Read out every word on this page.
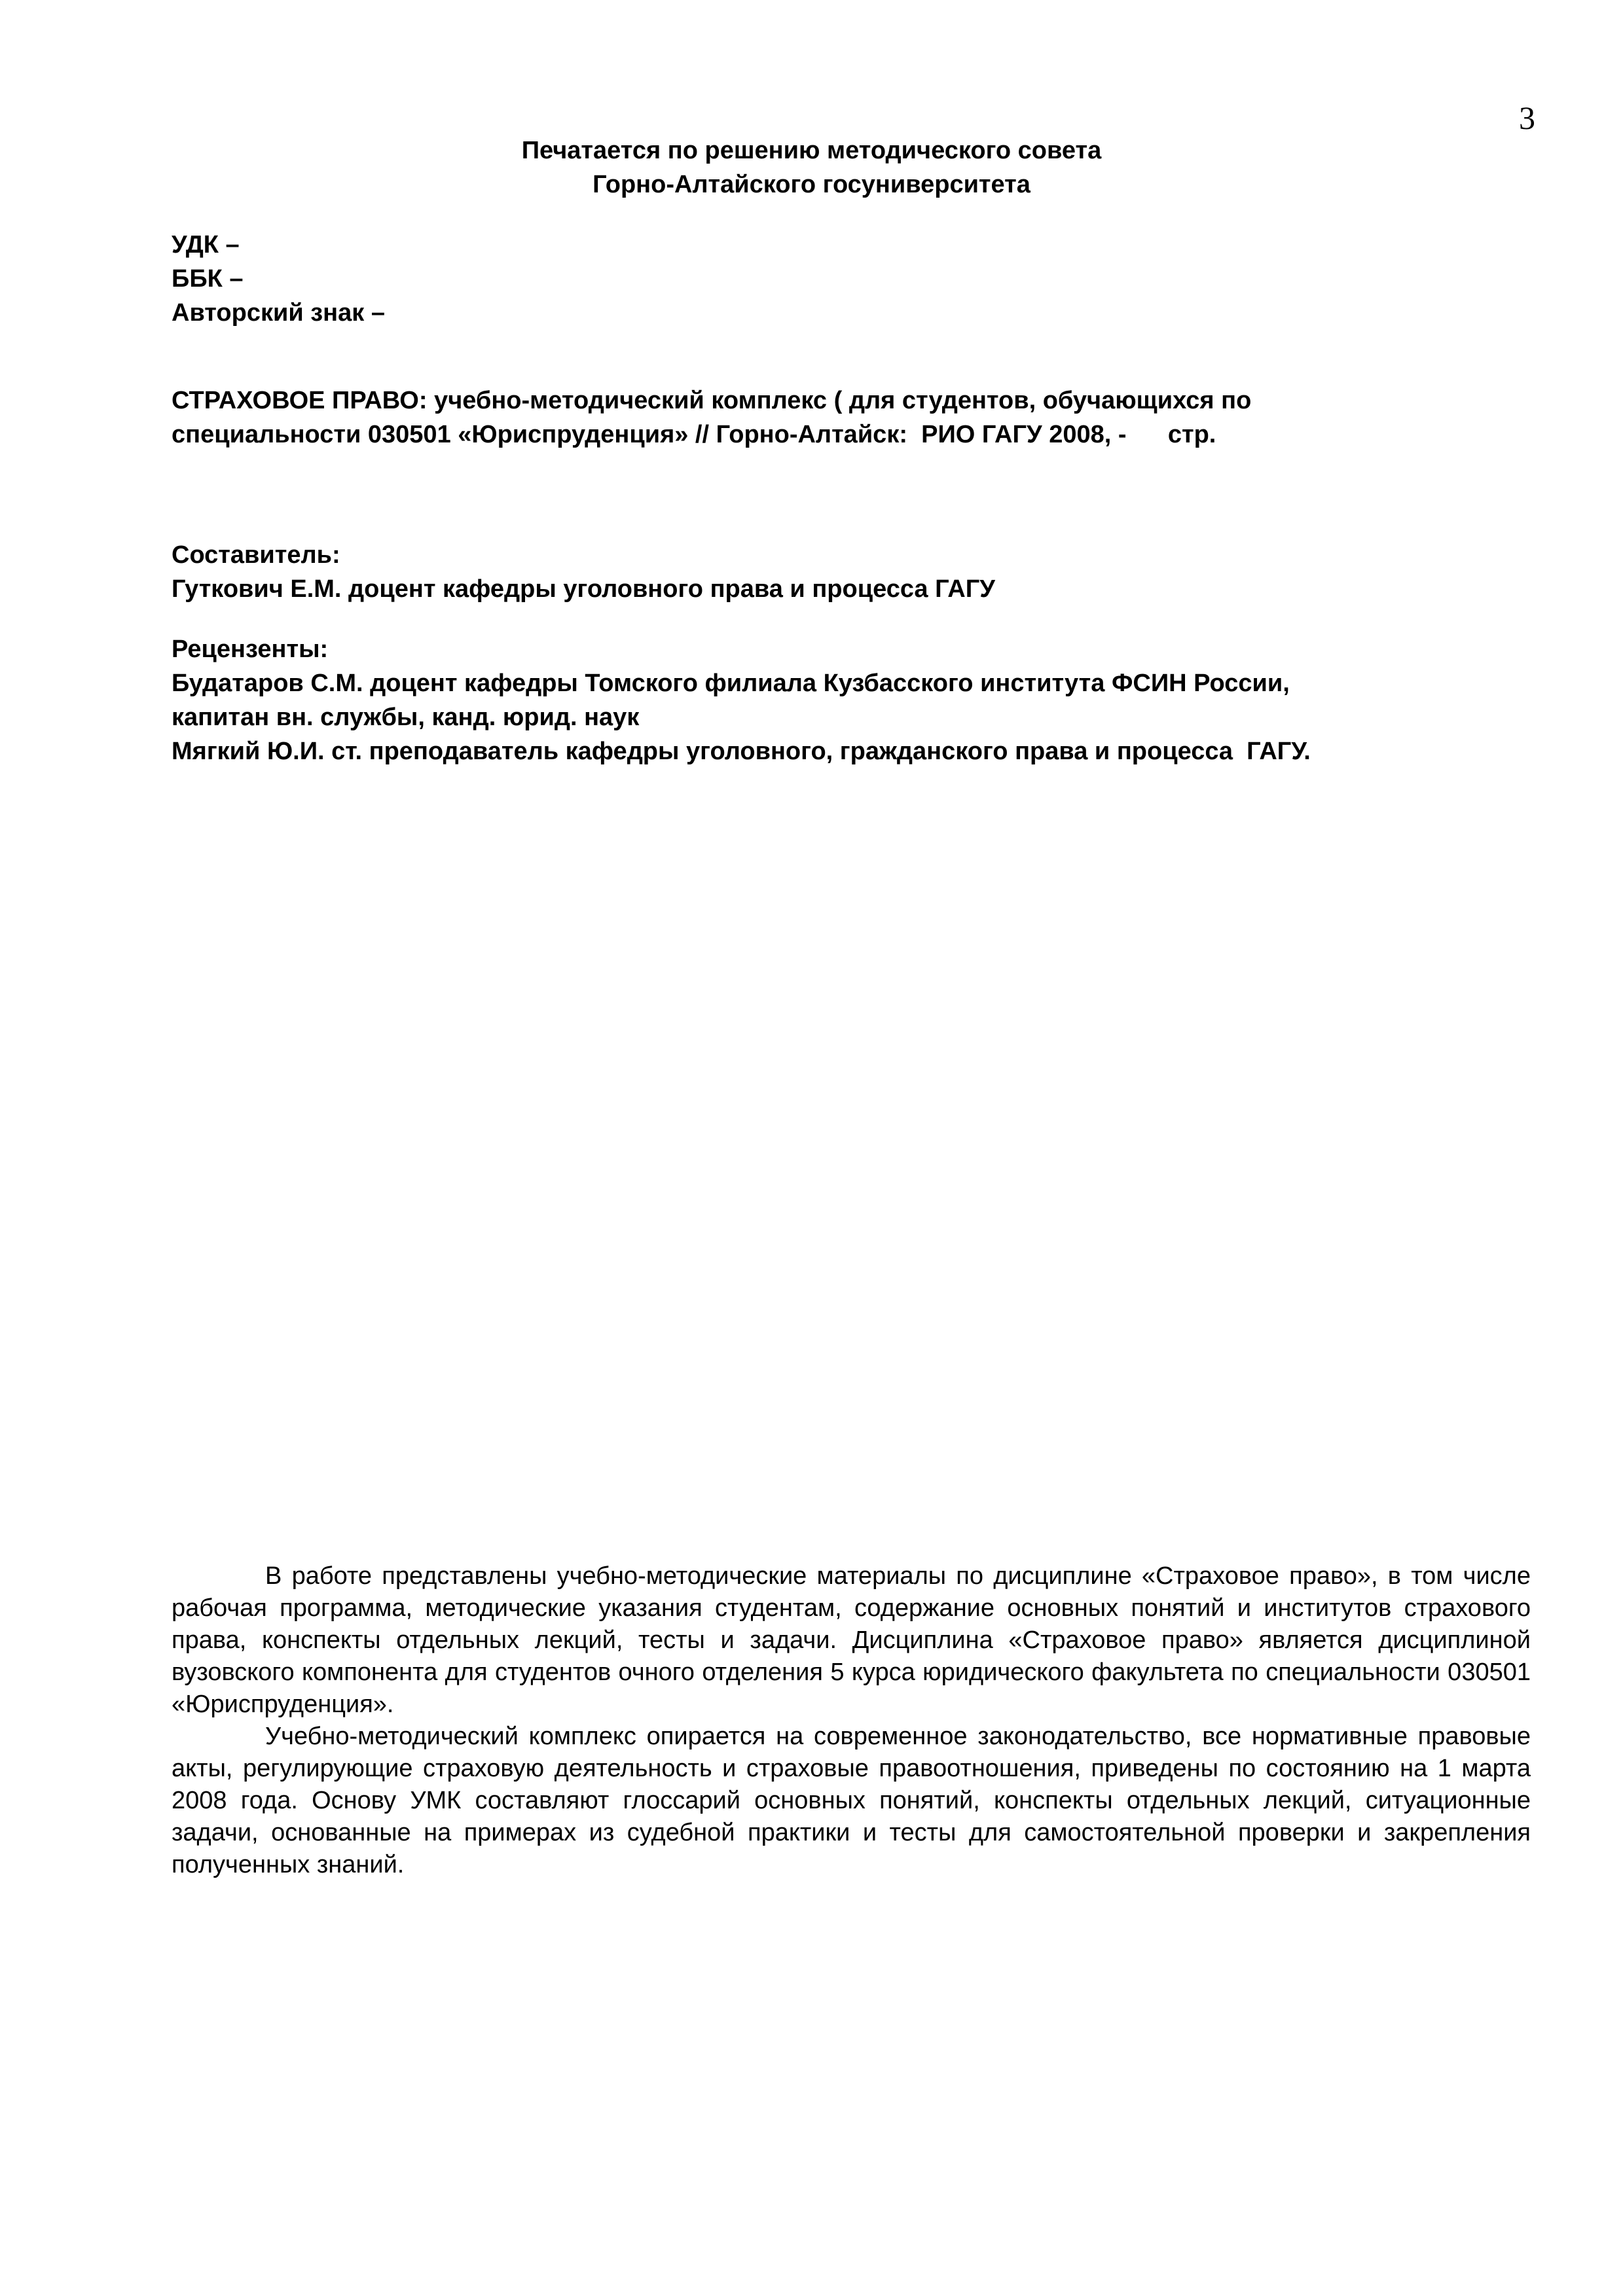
3
Печатается по решению методического совета
Горно-Алтайского госуниверситета
УДК –
ББК –
Авторский знак –
СТРАХОВОЕ ПРАВО: учебно-методический комплекс ( для студентов, обучающихся по
специальности 030501 «Юриспруденция» // Горно-Алтайск:  РИО ГАГУ 2008, -      стр.
Составитель:
Гуткович Е.М. доцент кафедры уголовного права и процесса ГАГУ
Рецензенты:
Будатаров С.М. доцент кафедры Томского филиала Кузбасского института ФСИН России,
капитан вн. службы, канд. юрид. наук
Мягкий Ю.И. ст. преподаватель кафедры уголовного, гражданского права и процесса  ГАГУ.

В работе представлены учебно-методические материалы по дисциплине «Страховое право», в том числе рабочая программа, методические указания студентам, содержание основных понятий и институтов страхового права, конспекты отдельных лекций, тесты и задачи. Дисциплина «Страховое право» является дисциплиной вузовского компонента для студентов очного отделения 5 курса юридического факультета по специальности 030501 «Юриспруденция».

Учебно-методический комплекс опирается на современное законодательство, все нормативные правовые акты, регулирующие страховую деятельность и страховые правоотношения, приведены по состоянию на 1 марта 2008 года. Основу УМК составляют глоссарий основных понятий, конспекты отдельных лекций, ситуационные задачи, основанные на примерах из судебной практики и тесты для самостоятельной проверки и закрепления полученных знаний.
